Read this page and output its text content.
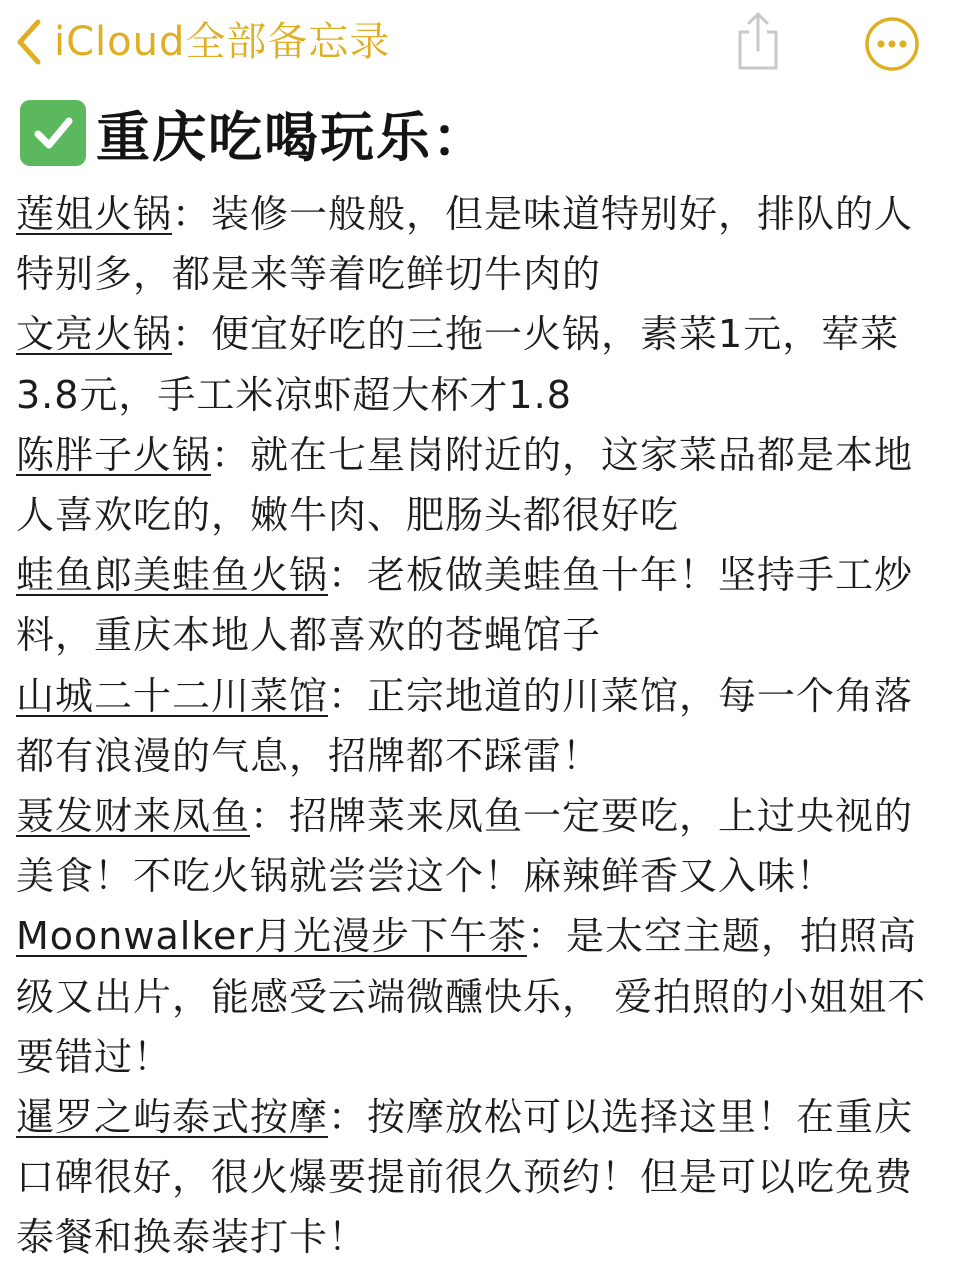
iCloud全部备忘录
重庆吃喝玩乐：
莲姐火锅：装修一般般，但是味道特别好，排队的人特别多，都是来等着吃鲜切牛肉的
文亮火锅：便宜好吃的三拖一火锅，素菜1元，荤菜3.8元，手工米凉虾超大杯才1.8
陈胖子火锅：就在七星岗附近的，这家菜品都是本地人喜欢吃的，嫩牛肉、肥肠头都很好吃
蛙鱼郎美蛙鱼火锅：老板做美蛙鱼十年！坚持手工炒料，重庆本地人都喜欢的苍蝇馆子
山城二十二川菜馆：正宗地道的川菜馆，每一个角落都有浪漫的气息，招牌都不踩雷！
聂发财来凤鱼：招牌菜来凤鱼一定要吃，上过央视的美食！不吃火锅就尝尝这个！麻辣鲜香又入味！
Moonwalker月光漫步下午茶：是太空主题，拍照高级又出片，能感受云端微醺快乐， 爱拍照的小姐姐不要错过！
暹罗之屿泰式按摩：按摩放松可以选择这里！在重庆口碑很好，很火爆要提前很久预约！但是可以吃免费泰餐和换泰装打卡！
